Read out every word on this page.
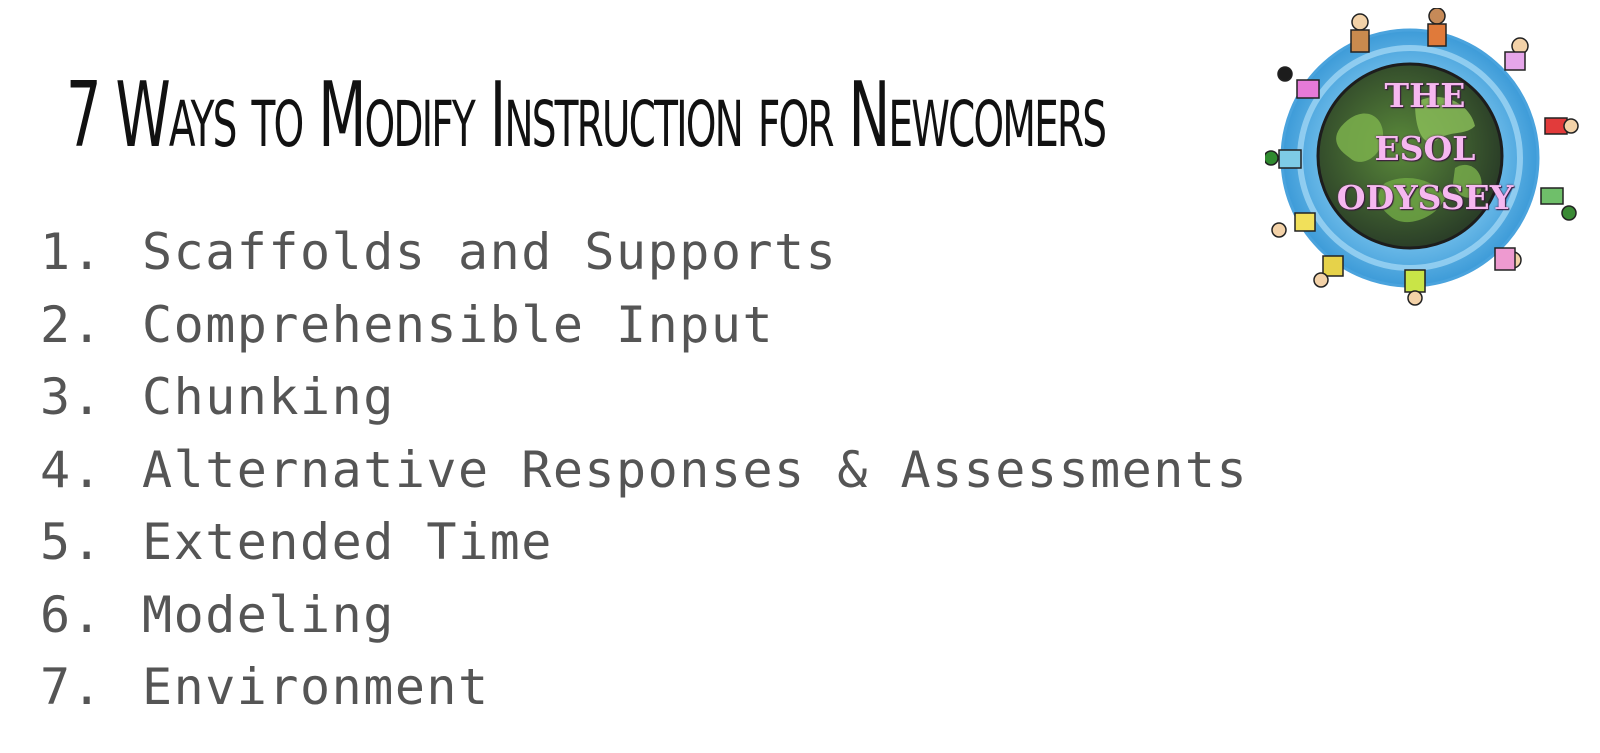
7 Ways to Modify Instruction for Newcomers
1. Scaffolds and Supports
2. Comprehensible Input
3. Chunking
4. Alternative Responses & Assessments
5. Extended Time
6. Modeling
7. Environment
THE
ESOL
ODYSSEY
